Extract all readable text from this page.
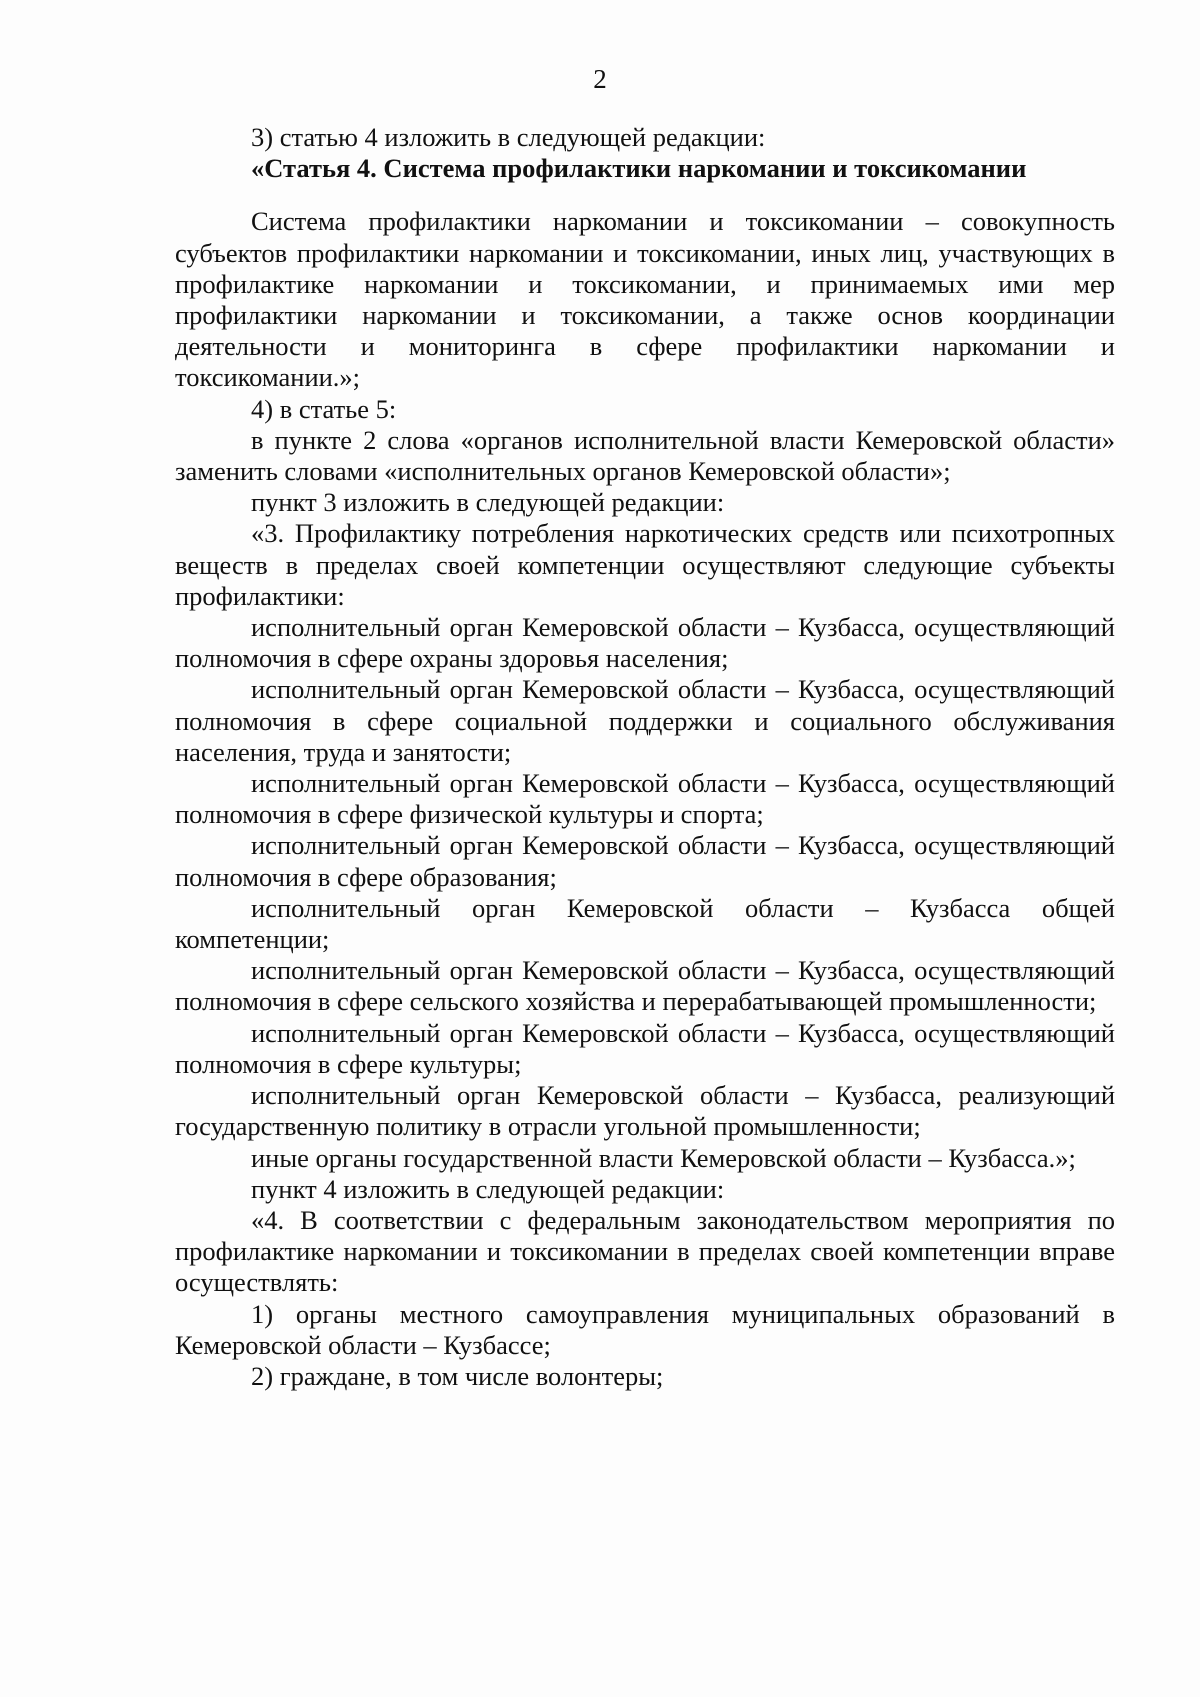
2

3) статью 4 изложить в следующей редакции:

«Статья 4. Система профилактики наркомании и токсикомании

Система профилактики наркомании и токсикомании – совокупность субъектов профилактики наркомании и токсикомании, иных лиц, участвующих в профилактике наркомании и токсикомании, и принимаемых ими мер профилактики наркомании и токсикомании, а также основ координации деятельности и мониторинга в сфере профилактики наркомании и токсикомании.»;

4) в статье 5:

в пункте 2 слова «органов исполнительной власти Кемеровской области» заменить словами «исполнительных органов Кемеровской области»;

пункт 3 изложить в следующей редакции:

«3. Профилактику потребления наркотических средств или психотропных веществ в пределах своей компетенции осуществляют следующие субъекты профилактики:

исполнительный орган Кемеровской области – Кузбасса, осуществляющий полномочия в сфере охраны здоровья населения;

исполнительный орган Кемеровской области – Кузбасса, осуществляющий полномочия в сфере социальной поддержки и социального обслуживания населения, труда и занятости;

исполнительный орган Кемеровской области – Кузбасса, осуществляющий полномочия в сфере физической культуры и спорта;

исполнительный орган Кемеровской области – Кузбасса, осуществляющий полномочия в сфере образования;

исполнительный орган Кемеровской области – Кузбасса общей компетенции;

исполнительный орган Кемеровской области – Кузбасса, осуществляющий полномочия в сфере сельского хозяйства и перерабатывающей промышленности;

исполнительный орган Кемеровской области – Кузбасса, осуществляющий полномочия в сфере культуры;

исполнительный орган Кемеровской области – Кузбасса, реализующий государственную политику в отрасли угольной промышленности;

иные органы государственной власти Кемеровской области – Кузбасса.»;

пункт 4 изложить в следующей редакции:

«4. В соответствии с федеральным законодательством мероприятия по профилактике наркомании и токсикомании в пределах своей компетенции вправе осуществлять:

1) органы местного самоуправления муниципальных образований в Кемеровской области – Кузбассе;

2) граждане, в том числе волонтеры;
